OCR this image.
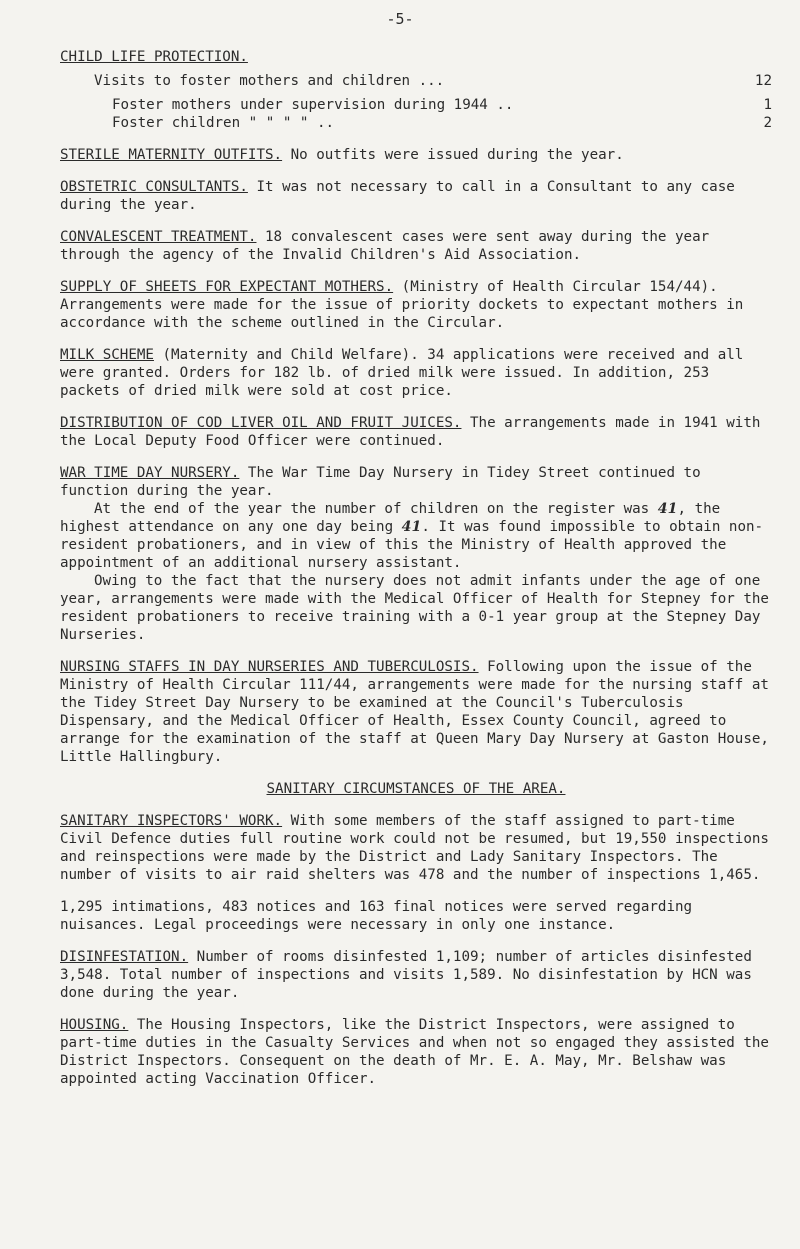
-5-
CHILD LIFE PROTECTION.
Visits to foster mothers and children ...	12
Foster mothers under supervision during 1944 ..	1
Foster children " " " " ..	2

STERILE MATERNITY OUTFITS. No outfits were issued during the year.

OBSTETRIC CONSULTANTS. It was not necessary to call in a Consultant to any case during the year.

CONVALESCENT TREATMENT. 18 convalescent cases were sent away during the year through the agency of the Invalid Children's Aid Association.

SUPPLY OF SHEETS FOR EXPECTANT MOTHERS. (Ministry of Health Circular 154/44). Arrangements were made for the issue of priority dockets to expectant mothers in accordance with the scheme outlined in the Circular.

MILK SCHEME (Maternity and Child Welfare). 34 applications were received and all were granted. Orders for 182 lb. of dried milk were issued. In addition, 253 packets of dried milk were sold at cost price.

DISTRIBUTION OF COD LIVER OIL AND FRUIT JUICES. The arrangements made in 1941 with the Local Deputy Food Officer were continued.

WAR TIME DAY NURSERY. The War Time Day Nursery in Tidey Street continued to function during the year.

At the end of the year the number of children on the register was 41, the highest attendance on any one day being 41. It was found impossible to obtain non-resident probationers, and in view of this the Ministry of Health approved the appointment of an additional nursery assistant.

Owing to the fact that the nursery does not admit infants under the age of one year, arrangements were made with the Medical Officer of Health for Stepney for the resident probationers to receive training with a 0-1 year group at the Stepney Day Nurseries.

NURSING STAFFS IN DAY NURSERIES AND TUBERCULOSIS. Following upon the issue of the Ministry of Health Circular 111/44, arrangements were made for the nursing staff at the Tidey Street Day Nursery to be examined at the Council's Tuberculosis Dispensary, and the Medical Officer of Health, Essex County Council, agreed to arrange for the examination of the staff at Queen Mary Day Nursery at Gaston House, Little Hallingbury.

SANITARY CIRCUMSTANCES OF THE AREA.

SANITARY INSPECTORS' WORK. With some members of the staff assigned to part-time Civil Defence duties full routine work could not be resumed, but 19,550 inspections and reinspections were made by the District and Lady Sanitary Inspectors. The number of visits to air raid shelters was 478 and the number of inspections 1,465.

1,295 intimations, 483 notices and 163 final notices were served regarding nuisances. Legal proceedings were necessary in only one instance.

DISINFESTATION. Number of rooms disinfested 1,109; number of articles disinfested 3,548. Total number of inspections and visits 1,589. No disinfestation by HCN was done during the year.

HOUSING. The Housing Inspectors, like the District Inspectors, were assigned to part-time duties in the Casualty Services and when not so engaged they assisted the District Inspectors. Consequent on the death of Mr. E. A. May, Mr. Belshaw was appointed acting Vaccination Officer.
